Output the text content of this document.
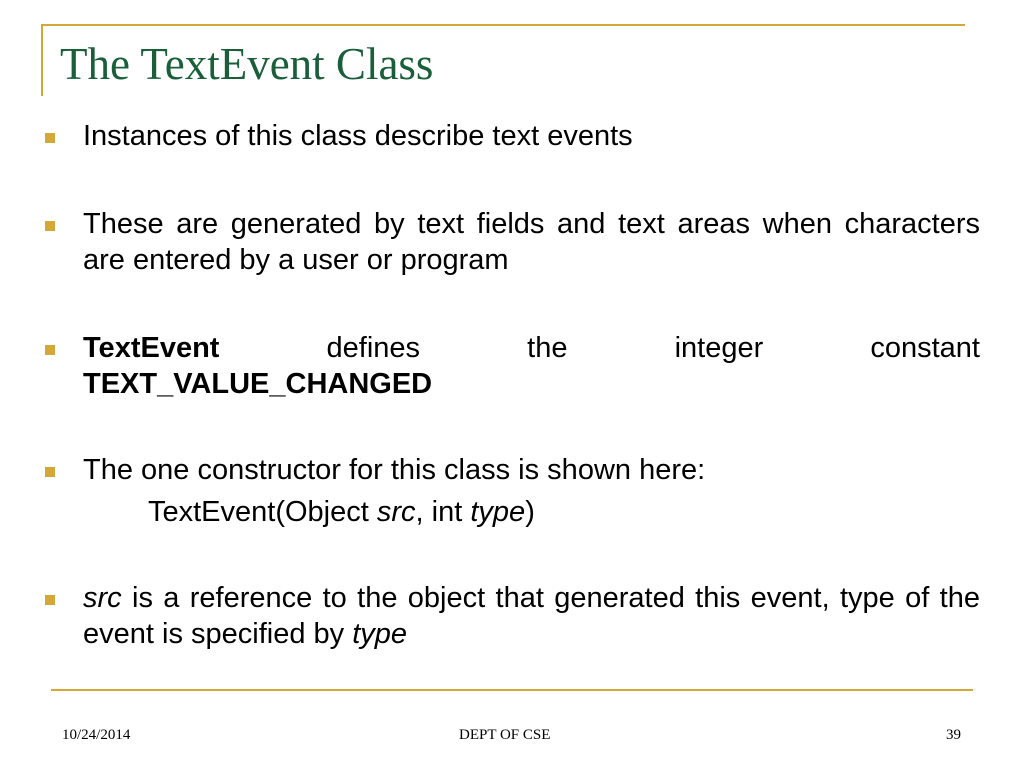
The TextEvent Class
Instances of this class describe text events
These are generated by text fields and text areas when characters are entered by a user or program
TextEvent	defines	the	integer	constant
TEXT_VALUE_CHANGED
The one constructor for this class is shown here:
TextEvent(Object src, int type)
src is a reference to the object that generated this event, type of the event is specified by type
10/24/2014	DEPT OF CSE	39
